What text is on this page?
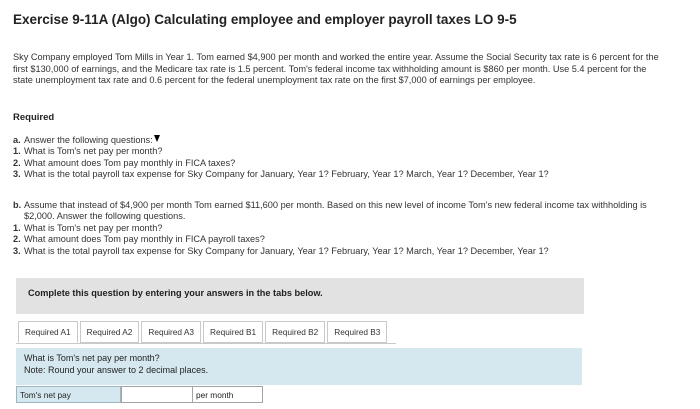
Exercise 9-11A (Algo) Calculating employee and employer payroll taxes LO 9-5
Sky Company employed Tom Mills in Year 1. Tom earned $4,900 per month and worked the entire year. Assume the Social Security tax rate is 6 percent for the first $130,000 of earnings, and the Medicare tax rate is 1.5 percent. Tom's federal income tax withholding amount is $860 per month. Use 5.4 percent for the state unemployment tax rate and 0.6 percent for the federal unemployment tax rate on the first $7,000 of earnings per employee.
Required
a. Answer the following questions:
1. What is Tom's net pay per month?
2. What amount does Tom pay monthly in FICA taxes?
3. What is the total payroll tax expense for Sky Company for January, Year 1? February, Year 1? March, Year 1? December, Year 1?
b. Assume that instead of $4,900 per month Tom earned $11,600 per month. Based on this new level of income Tom's new federal income tax withholding is $2,000. Answer the following questions.
1. What is Tom's net pay per month?
2. What amount does Tom pay monthly in FICA payroll taxes?
3. What is the total payroll tax expense for Sky Company for January, Year 1? February, Year 1? March, Year 1? December, Year 1?
Complete this question by entering your answers in the tabs below.
Required A1	Required A2	Required A3	Required B1	Required B2	Required B3
What is Tom's net pay per month?
Note: Round your answer to 2 decimal places.
Tom's net pay	per month
